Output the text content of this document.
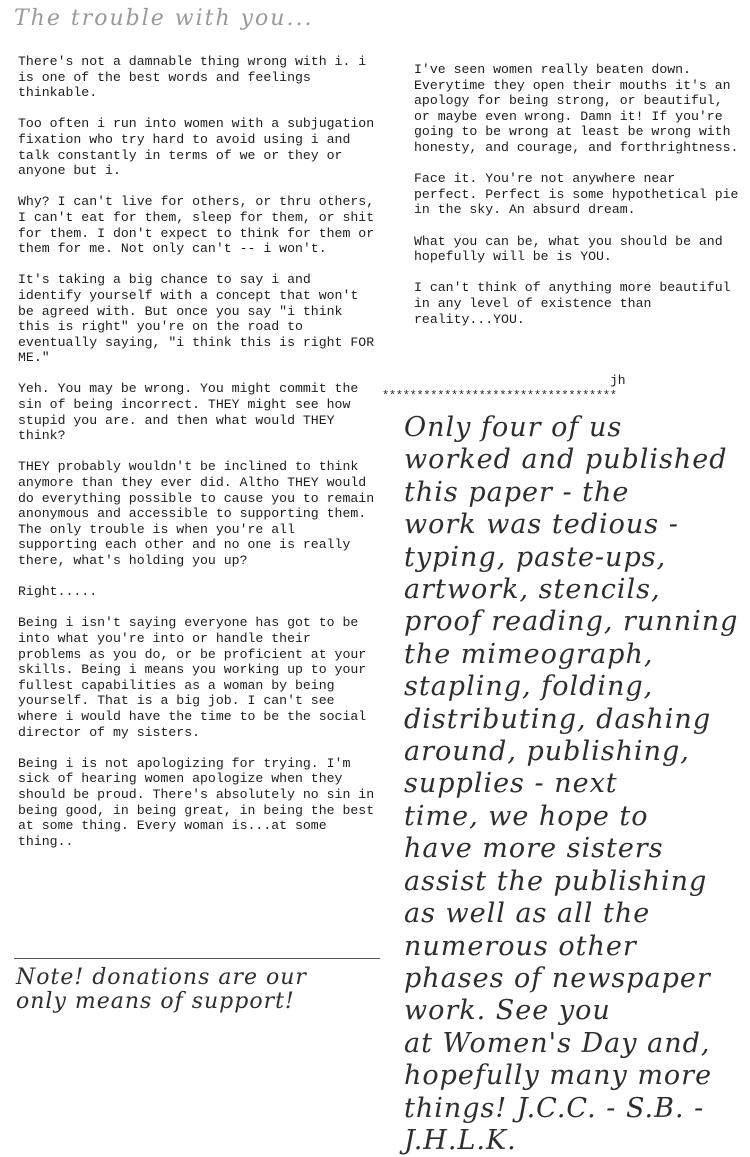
The trouble with you...

There's not a damnable thing wrong with i. i is one of the best words and feelings thinkable.

Too often i run into women with a subjugation fixation who try hard to avoid using i and talk constantly in terms of we or they or anyone but i.

Why? I can't live for others, or thru others, I can't eat for them, sleep for them, or shit for them. I don't expect to think for them or them for me. Not only can't -- i won't.

It's taking a big chance to say i and identify yourself with a concept that won't be agreed with. But once you say "i think this is right" you're on the road to eventually saying, "i think this is right FOR ME."

Yeh. You may be wrong. You might commit the sin of being incorrect. THEY might see how stupid you are. and then what would THEY think?

THEY probably wouldn't be inclined to think anymore than they ever did. Altho THEY would do everything possible to cause you to remain anonymous and accessible to supporting them. The only trouble is when you're all supporting each other and no one is really there, what's holding you up?

Right.....

Being i isn't saying everyone has got to be into what you're into or handle their problems as you do, or be proficient at your skills. Being i means you working up to your fullest capabilities as a woman by being yourself. That is a big job. I can't see where i would have the time to be the social director of my sisters.

Being i is not apologizing for trying. I'm sick of hearing women apologize when they should be proud. There's absolutely no sin in being good, in being great, in being the best at some thing. Every woman is...at some thing..

I've seen women really beaten down. Everytime they open their mouths it's an apology for being strong, or beautiful, or maybe even wrong. Damn it! If you're going to be wrong at least be wrong with honesty, and courage, and forthrightness.

Face it. You're not anywhere near perfect. Perfect is some hypothetical pie in the sky. An absurd dream.

What you can be, what you should be and hopefully will be is YOU.

I can't think of anything more beautiful in any level of existence than reality...YOU.

jh
**********************************
Only four of us
worked and published
this paper - the
work was tedious -
typing, paste-ups,
artwork, stencils,
proof reading, running
the mimeograph,
stapling, folding,
distributing, dashing
around, publishing,
supplies - next
time, we hope to
have more sisters
assist the publishing
as well as all the
numerous other
phases of newspaper
work. See you
at Women's Day and,
hopefully many more
things! J.C.C. - S.B. - J.H.L.K.
Note! donations are our
only means of support!
